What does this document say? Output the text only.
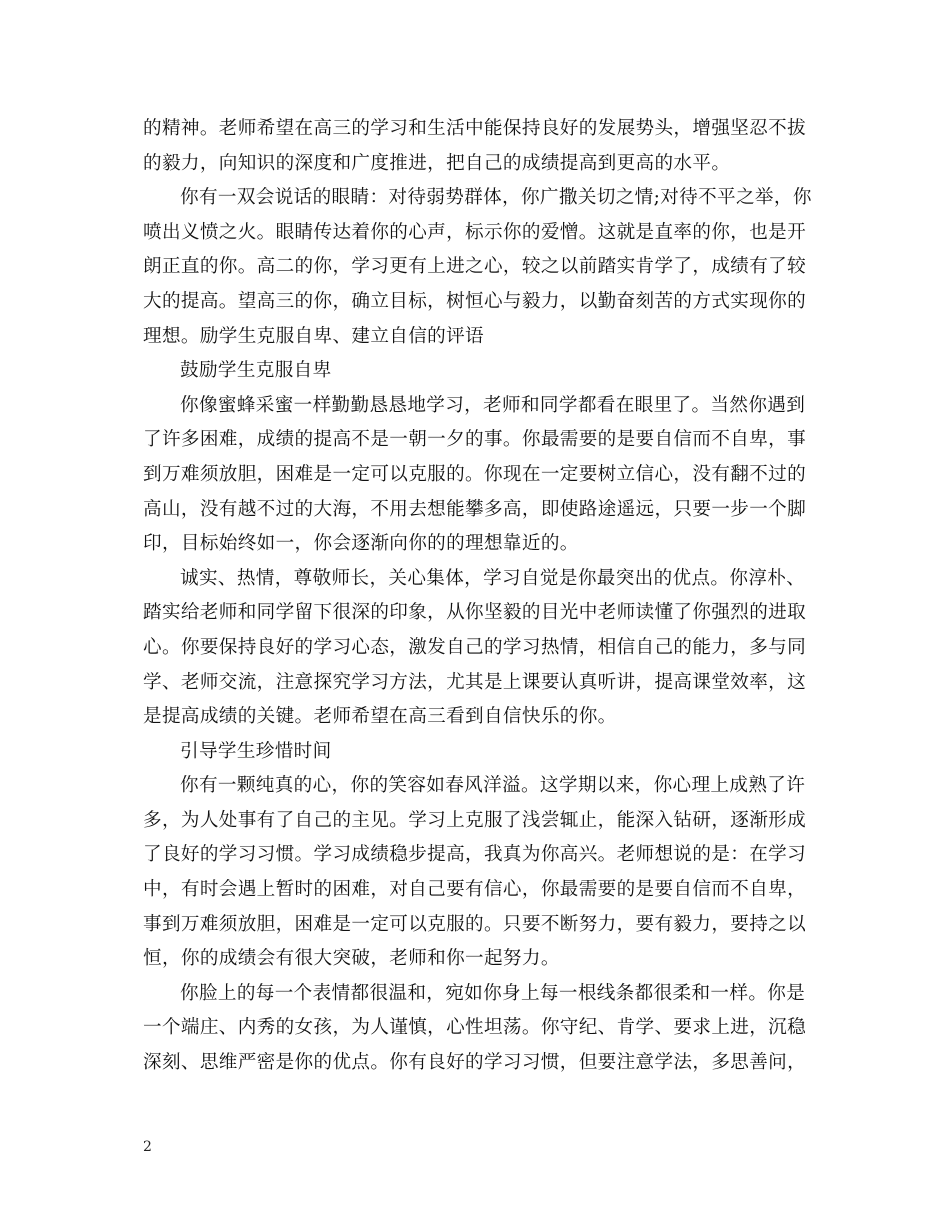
的精神。老师希望在高三的学习和生活中能保持良好的发展势头，增强坚忍不拔
的毅力，向知识的深度和广度推进，把自己的成绩提高到更高的水平。
你有一双会说话的眼睛：对待弱势群体，你广撒关切之情;对待不平之举，你
喷出义愤之火。眼睛传达着你的心声，标示你的爱憎。这就是直率的你，也是开
朗正直的你。高二的你，学习更有上进之心，较之以前踏实肯学了，成绩有了较
大的提高。望高三的你，确立目标，树恒心与毅力，以勤奋刻苦的方式实现你的
理想。励学生克服自卑、建立自信的评语
鼓励学生克服自卑
你像蜜蜂采蜜一样勤勤恳恳地学习，老师和同学都看在眼里了。当然你遇到
了许多困难，成绩的提高不是一朝一夕的事。你最需要的是要自信而不自卑，事
到万难须放胆，困难是一定可以克服的。你现在一定要树立信心，没有翻不过的
高山，没有越不过的大海，不用去想能攀多高，即使路途遥远，只要一步一个脚
印，目标始终如一，你会逐渐向你的的理想靠近的。
诚实、热情，尊敬师长，关心集体，学习自觉是你最突出的优点。你淳朴、
踏实给老师和同学留下很深的印象，从你坚毅的目光中老师读懂了你强烈的进取
心。你要保持良好的学习心态，激发自己的学习热情，相信自己的能力，多与同
学、老师交流，注意探究学习方法，尤其是上课要认真听讲，提高课堂效率，这
是提高成绩的关键。老师希望在高三看到自信快乐的你。
引导学生珍惜时间
你有一颗纯真的心，你的笑容如春风洋溢。这学期以来，你心理上成熟了许
多，为人处事有了自己的主见。学习上克服了浅尝辄止，能深入钻研，逐渐形成
了良好的学习习惯。学习成绩稳步提高，我真为你高兴。老师想说的是：在学习
中，有时会遇上暂时的困难，对自己要有信心，你最需要的是要自信而不自卑，
事到万难须放胆，困难是一定可以克服的。只要不断努力，要有毅力，要持之以
恒，你的成绩会有很大突破，老师和你一起努力。
你脸上的每一个表情都很温和，宛如你身上每一根线条都很柔和一样。你是
一个端庄、内秀的女孩，为人谨慎，心性坦荡。你守纪、肯学、要求上进，沉稳
深刻、思维严密是你的优点。你有良好的学习习惯，但要注意学法，多思善问，
2
